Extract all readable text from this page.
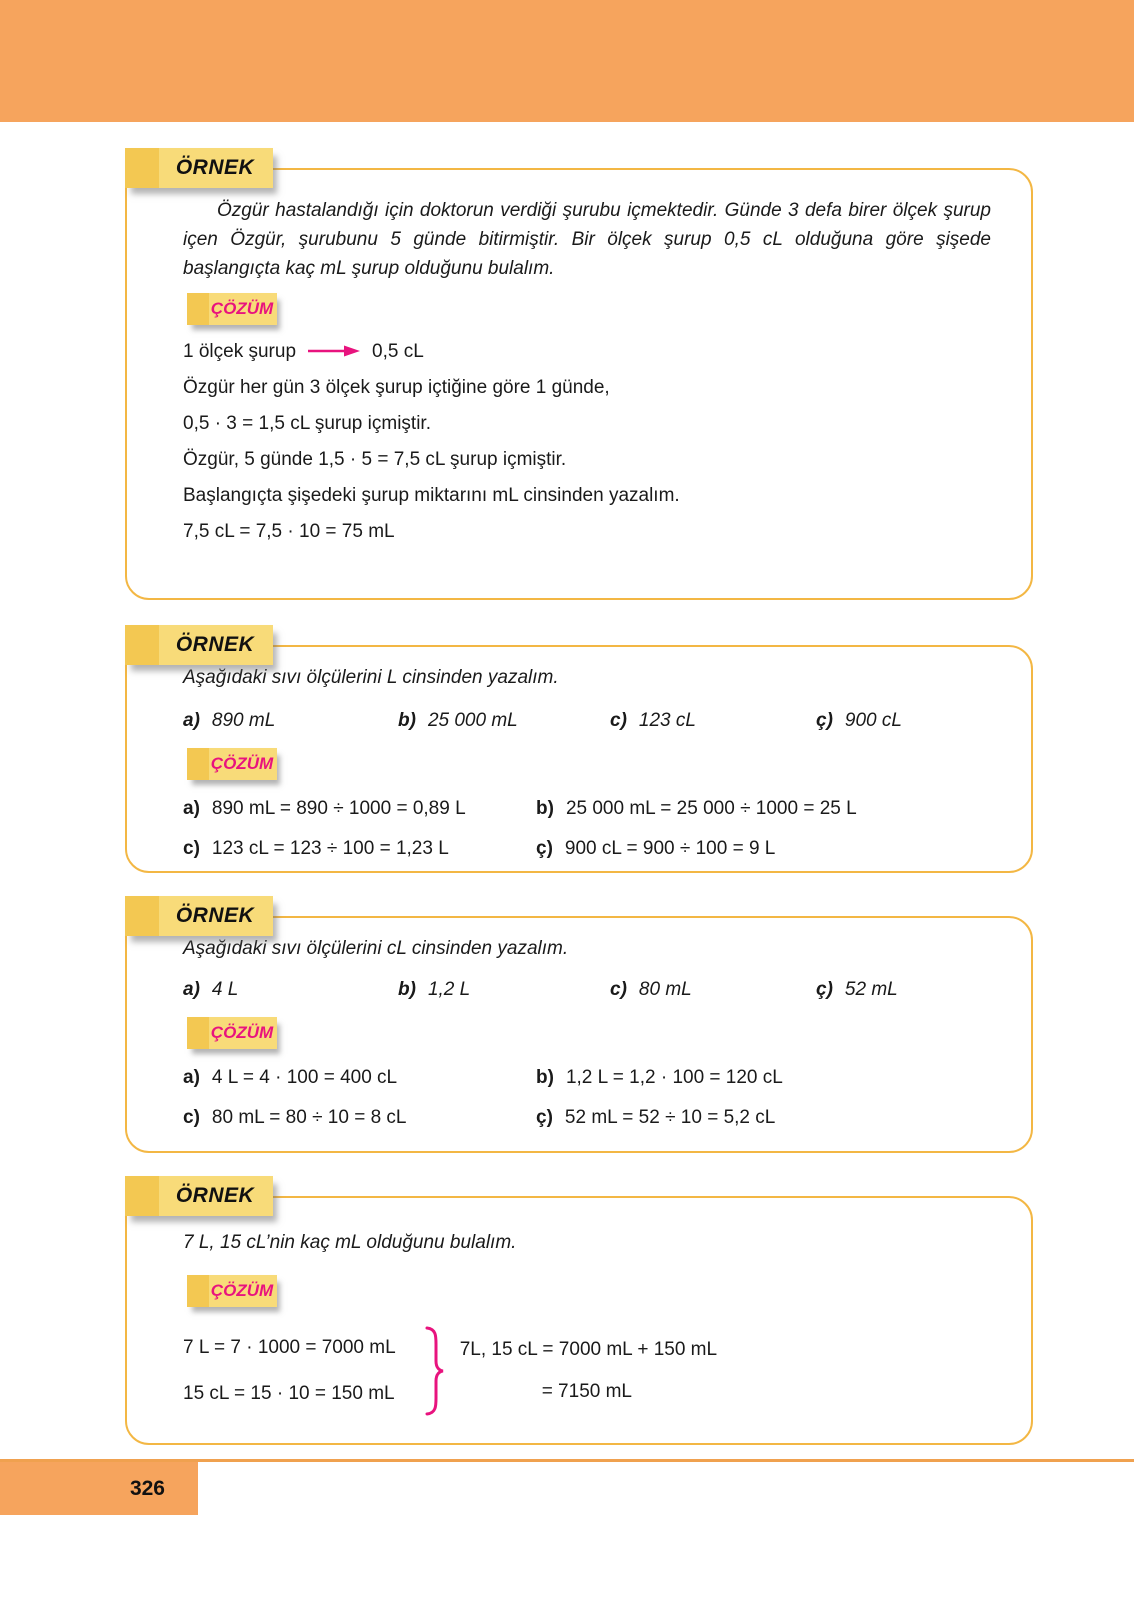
ÖRNEK

Özgür hastalandığı için doktorun verdiği şurubu içmektedir. Günde 3 defa birer ölçek şurup içen Özgür, şurubunu 5 günde bitirmiştir. Bir ölçek şurup 0,5 cL olduğuna göre şişede başlangıçta kaç mL şurup olduğunu bulalım.

ÇÖZÜM
1 ölçek şurup	0,5 cL
Özgür her gün 3 ölçek şurup içtiğine göre 1 günde,
0,5 · 3 = 1,5 cL şurup içmiştir.
Özgür, 5 günde 1,5 · 5 = 7,5 cL şurup içmiştir.
Başlangıçta şişedeki şurup miktarını mL cinsinden yazalım.
7,5 cL = 7,5 · 10 = 75 mL
ÖRNEK

Aşağıdaki sıvı ölçülerini L cinsinden yazalım.

a) 890 mL	b) 25 000 mL	c) 123 cL	ç) 900 cL
ÇÖZÜM
a) 890 mL = 890 ÷ 1000 = 0,89 L	b) 25 000 mL = 25 000 ÷ 1000 = 25 L
c) 123 cL = 123 ÷ 100 = 1,23 L	ç) 900 cL = 900 ÷ 100 = 9 L
ÖRNEK

Aşağıdaki sıvı ölçülerini cL cinsinden yazalım.

a) 4 L	b) 1,2 L	c) 80 mL	ç) 52 mL
ÇÖZÜM
a) 4 L = 4 · 100 = 400 cL	b) 1,2 L = 1,2 · 100 = 120 cL
c) 80 mL = 80 ÷ 10 = 8 cL	ç) 52 mL = 52 ÷ 10 = 5,2 cL
ÖRNEK

7 L, 15 cL’nin kaç mL olduğunu bulalım.

ÇÖZÜM
7 L = 7 · 1000 = 7000 mL
15 cL = 15 · 10 = 150 mL
7L, 15 cL = 7000 mL + 150 mL
= 7150 mL
326
